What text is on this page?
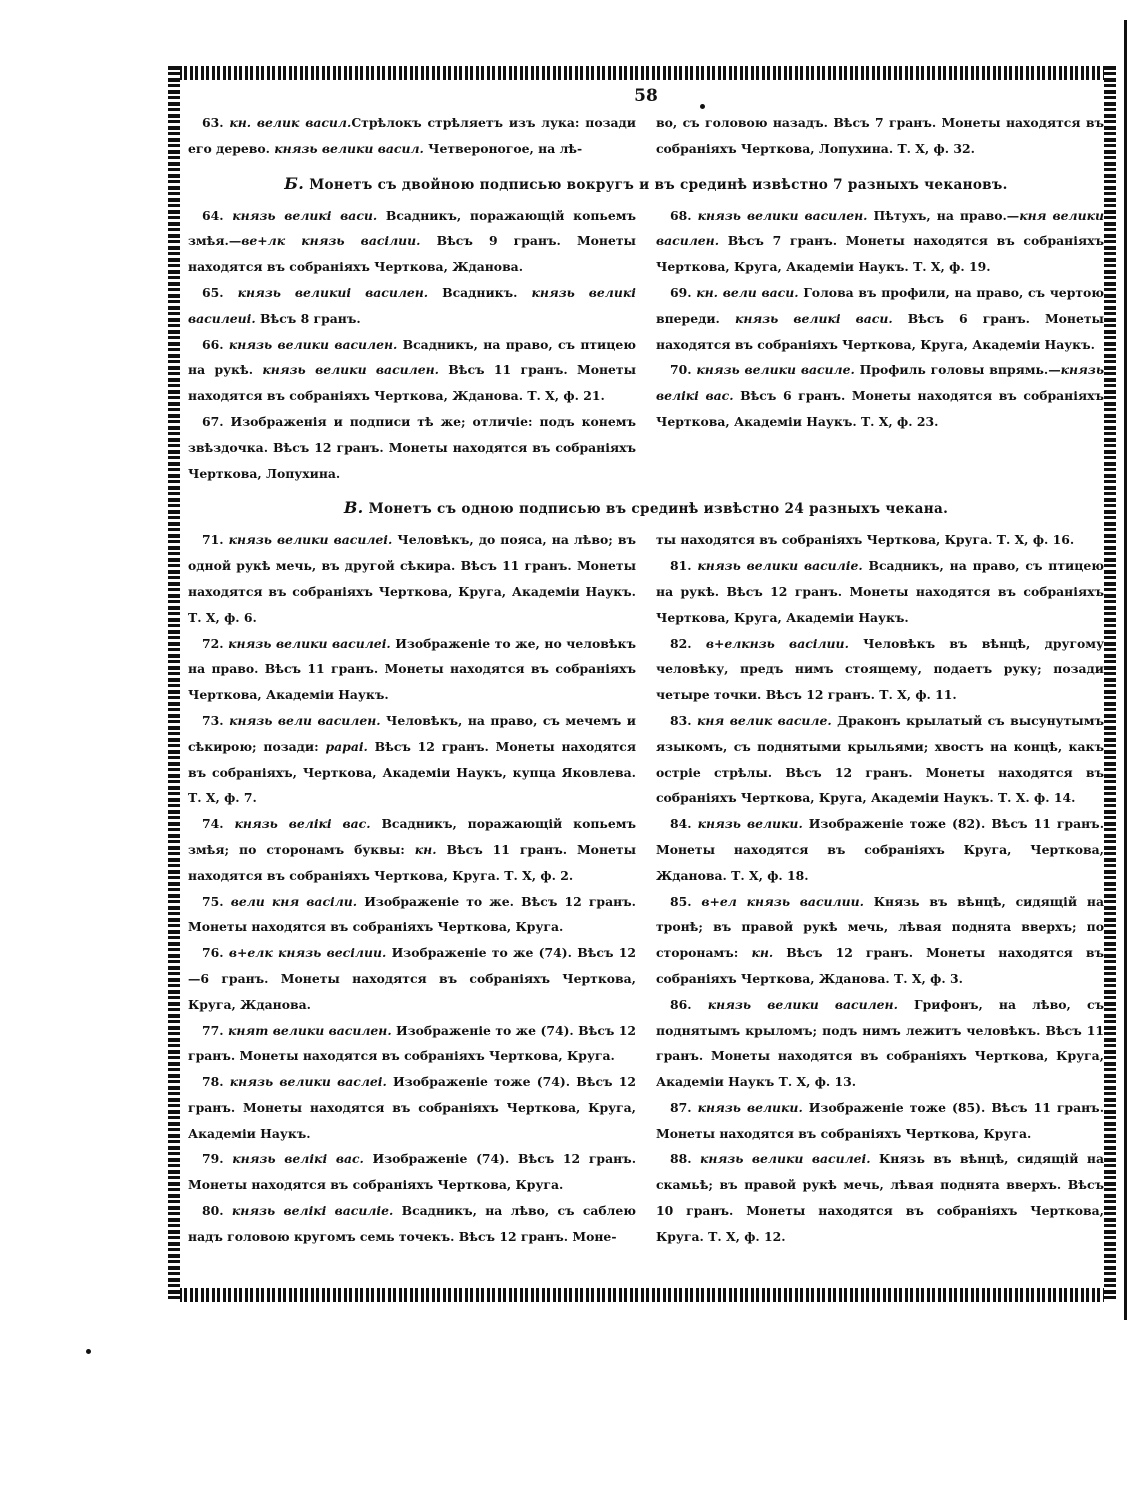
58

63. кн. велик васил.Стрѣлокъ стрѣляетъ изъ лука: позади его дерево. князь велики васил. Четвероногое, на лѣ-

во, съ головою назадъ. Вѣсъ 7 гранъ. Монеты находятся въ собраніяхъ Черткова, Лопухина. Т. X, ф. 32.

Б. Монетъ съ двойною подписью вокругъ и въ срединѣ извѣстно 7 разныхъ чекановъ.

64. князь великі васи. Всадникъ, поражающій копьемъ змѣя.—ве+лк князь васілии. Вѣсъ 9 гранъ. Монеты находятся въ собраніяхъ Черткова, Жданова.

65. князь великиі василен. Всадникъ. князь великі василеиі. Вѣсъ 8 гранъ.

66. князь велики василен. Всадникъ, на право, съ птицею на рукѣ. князь велики василен. Вѣсъ 11 гранъ. Монеты находятся въ собраніяхъ Черткова, Жданова. Т. X, ф. 21.

67. Изображенія и подписи тѣ же; отличіе: подъ конемъ звѣздочка. Вѣсъ 12 гранъ. Монеты находятся въ собраніяхъ Черткова, Лопухина.

68. князь велики василен. Пѣтухъ, на право.—кня велики василен. Вѣсъ 7 гранъ. Монеты находятся въ собраніяхъ Черткова, Круга, Академіи Наукъ. Т. X, ф. 19.

69. кн. вели васи. Голова въ профили, на право, съ чертою впереди. князь великі васи. Вѣсъ 6 гранъ. Монеты находятся въ собраніяхъ Черткова, Круга, Академіи Наукъ.

70. князь велики василе. Профиль головы впрямь.—князь велікі вас. Вѣсъ 6 гранъ. Монеты находятся въ собраніяхъ Черткова, Академіи Наукъ. Т. X, ф. 23.

В. Монетъ съ одною подписью въ срединѣ извѣстно 24 разныхъ чекана.

71. князь велики василеі. Человѣкъ, до пояса, на лѣво; въ одной рукѣ мечь, въ другой сѣкира. Вѣсъ 11 гранъ. Монеты находятся въ собраніяхъ Черткова, Круга, Академіи Наукъ. Т. X, ф. 6.

72. князь велики василеі. Изображеніе то же, но человѣкъ на право. Вѣсъ 11 гранъ. Монеты находятся въ собраніяхъ Черткова, Академіи Наукъ.

73. князь вели василен. Человѣкъ, на право, съ мечемъ и сѣкирою; позади: рараі. Вѣсъ 12 гранъ. Монеты находятся въ собраніяхъ, Черткова, Академіи Наукъ, купца Яковлева. Т. X, ф. 7.

74. князь велікі вас. Всадникъ, поражающій копьемъ змѣя; по сторонамъ буквы: кн. Вѣсъ 11 гранъ. Монеты находятся въ собраніяхъ Черткова, Круга. Т. X, ф. 2.

75. вели кня васіли. Изображеніе то же. Вѣсъ 12 гранъ. Монеты находятся въ собраніяхъ Черткова, Круга.

76. в+елк князь весілии. Изображеніе то же (74). Вѣсъ 12—6 гранъ. Монеты находятся въ собраніяхъ Черткова, Круга, Жданова.

77. княт велики василен. Изображеніе то же (74). Вѣсъ 12 гранъ. Монеты находятся въ собраніяхъ Черткова, Круга.

78. князь велики васлеі. Изображеніе тоже (74). Вѣсъ 12 гранъ. Монеты находятся въ собраніяхъ Черткова, Круга, Академіи Наукъ.

79. князь велікі вас. Изображеніе (74). Вѣсъ 12 гранъ. Монеты находятся въ собраніяхъ Черткова, Круга.

80. князь велікі василіе. Всадникъ, на лѣво, съ саблею надъ головою кругомъ семь точекъ. Вѣсъ 12 гранъ. Моне-

ты находятся въ собраніяхъ Черткова, Круга. Т. X, ф. 16.

81. князь велики василіе. Всадникъ, на право, съ птицею на рукѣ. Вѣсъ 12 гранъ. Монеты находятся въ собраніяхъ Черткова, Круга, Академіи Наукъ.

82. в+елкнзь васілии. Человѣкъ въ вѣнцѣ, другому человѣку, предъ нимъ стоящему, подаетъ руку; позади четыре точки. Вѣсъ 12 гранъ. Т. X, ф. 11.

83. кня велик василе. Драконъ крылатый съ высунутымъ языкомъ, съ поднятыми крыльями; хвостъ на концѣ, какъ остріе стрѣлы. Вѣсъ 12 гранъ. Монеты находятся въ собраніяхъ Черткова, Круга, Академіи Наукъ. Т. X. ф. 14.

84. князь велики. Изображеніе тоже (82). Вѣсъ 11 гранъ. Монеты находятся въ собраніяхъ Круга, Черткова, Жданова. Т. X, ф. 18.

85. в+ел князь василии. Князь въ вѣнцѣ, сидящій на тронѣ; въ правой рукѣ мечь, лѣвая поднята вверхъ; по сторонамъ: кн. Вѣсъ 12 гранъ. Монеты находятся въ собраніяхъ Черткова, Жданова. Т. X, ф. 3.

86. князь велики василен. Грифонъ, на лѣво, съ поднятымъ крыломъ; подъ нимъ лежитъ человѣкъ. Вѣсъ 11 гранъ. Монеты находятся въ собраніяхъ Черткова, Круга, Академіи Наукъ Т. X, ф. 13.

87. князь велики. Изображеніе тоже (85). Вѣсъ 11 гранъ. Монеты находятся въ собраніяхъ Черткова, Круга.

88. князь велики василеі. Князь въ вѣнцѣ, сидящій на скамьѣ; въ правой рукѣ мечь, лѣвая поднята вверхъ. Вѣсъ 10 гранъ. Монеты находятся въ собраніяхъ Черткова, Круга. Т. X, ф. 12.
